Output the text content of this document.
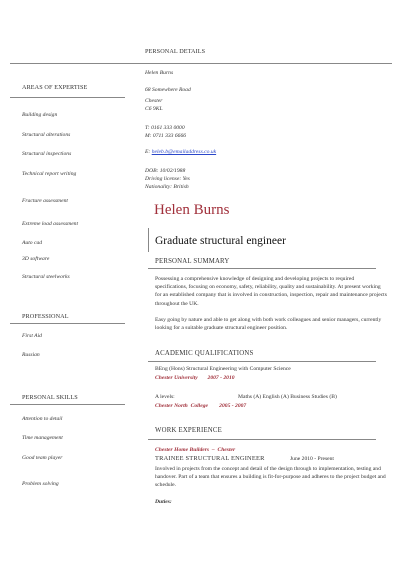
PERSONAL DETAILS
AREAS OF EXPERTISE
Building design
Structural alterations
Structural inspections
Technical report writing
Fracture assessment
Extreme load assessment
Auto cad
3D software
Structural steelworks
PROFESSIONAL
First Aid
Russian
PERSONAL SKILLS
Attention to detail
Time management
Good team player
Problem solving
Helen Burns
68 Somewhere Road
Chester
C6 9KL
T: 0161 333 0000
M: 0711 333 6666
E: heleb.b@emailaddress.co.uk
DOB: 10/02/1988
Driving license: Yes
Nationality: British
Helen Burns
Graduate structural engineer
PERSONAL SUMMARY
Possessing a comprehensive knowledge of designing and developing projects to required specifications, focusing on economy, safety, reliability, quality and sustainability. At present working for an established company that is involved in construction, inspection, repair and maintenance projects throughout the UK.
Easy going by nature and able to get along with both work colleagues and senior managers, currently looking for a suitable graduate structural engineer position.
ACADEMIC QUALIFICATIONS
BEng (Hons) Structural Engineering with Computer Science
Chester University       2007 - 2010
A levels:	Maths (A) English (A) Business Studies (B)
Chester North  College        2005 - 2007
WORK EXPERIENCE
Chester Home Builders  –  Chester
TRAINEE STRUCTURAL ENGINEER	June 2010 - Present
Involved in projects from the concept and detail of the design through to implementation, testing and handover. Part of a team that ensures a building is fit-for-purpose and adheres to the project budget and schedule.
Duties:
